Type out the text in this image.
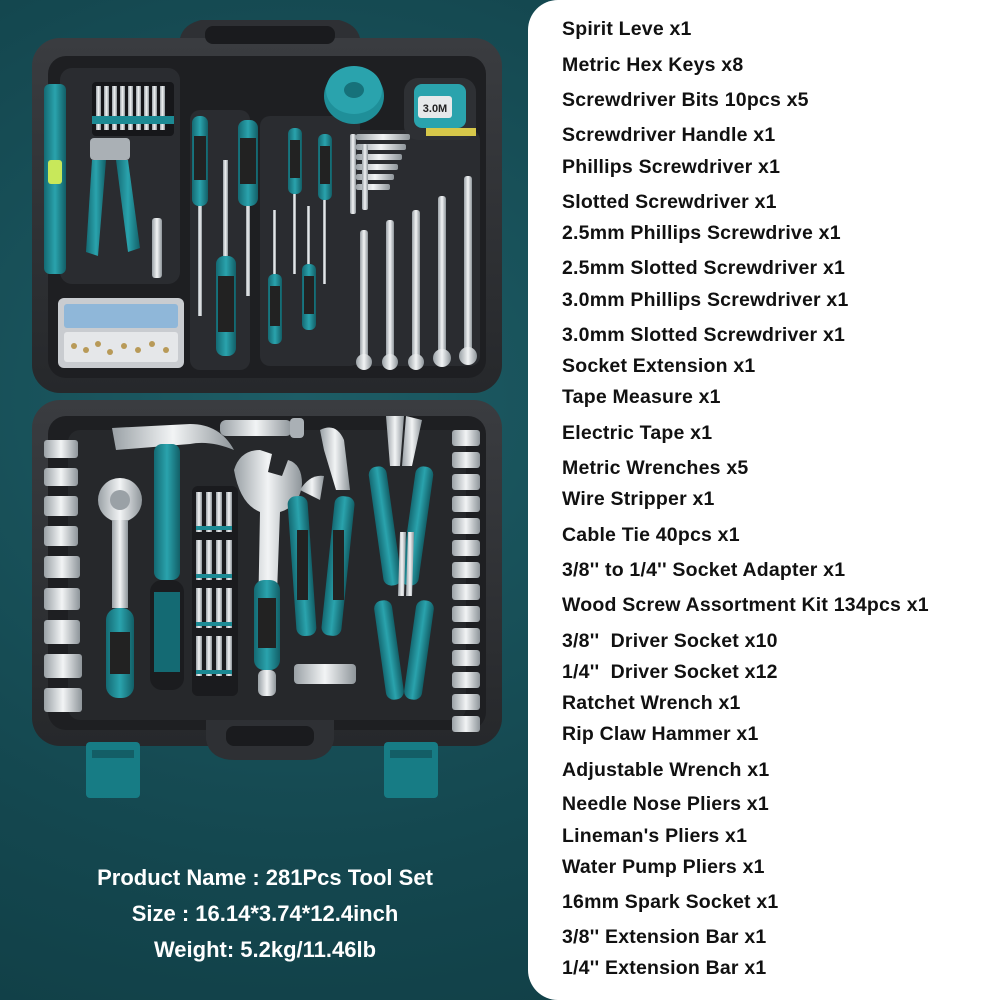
3.0M
Product Name : 281Pcs Tool Set
Size : 16.14*3.74*12.4inch
Weight: 5.2kg/11.46lb
Spirit Leve x1
Metric Hex Keys x8
Screwdriver Bits 10pcs x5
Screwdriver Handle x1
Phillips Screwdriver x1
Slotted Screwdriver x1
2.5mm Phillips Screwdrive x1
2.5mm Slotted Screwdriver x1
3.0mm Phillips Screwdriver x1
3.0mm Slotted Screwdriver x1
Socket Extension x1
Tape Measure x1
Electric Tape x1
Metric Wrenches x5
Wire Stripper x1
Cable Tie 40pcs x1
3/8'' to 1/4'' Socket Adapter x1
Wood Screw Assortment Kit 134pcs x1
3/8''  Driver Socket x10
1/4''  Driver Socket x12
Ratchet Wrench x1
Rip Claw Hammer x1
Adjustable Wrench x1
Needle Nose Pliers x1
Lineman's Pliers x1
Water Pump Pliers x1
16mm Spark Socket x1
3/8'' Extension Bar x1
1/4'' Extension Bar x1
